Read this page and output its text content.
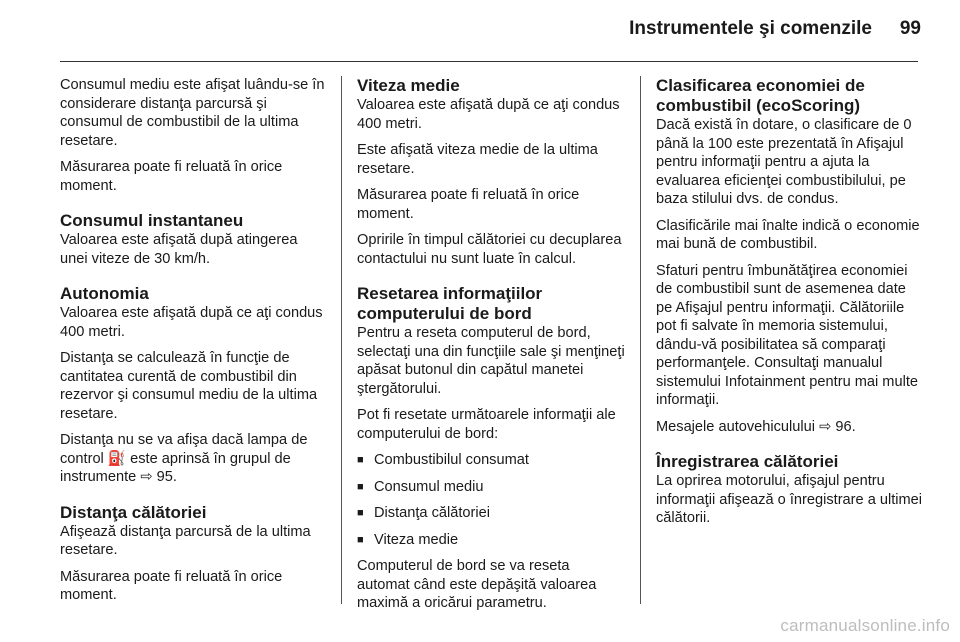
Instrumentele şi comenzile 99

Consumul mediu este afişat luându-se în considerare distanţa parcursă şi consumul de combustibil de la ultima resetare.

Măsurarea poate fi reluată în orice moment.

Consumul instantaneu

Valoarea este afişată după atingerea unei viteze de 30 km/h.

Autonomia

Valoarea este afişată după ce aţi condus 400 metri.

Distanţa se calculează în funcţie de cantitatea curentă de combustibil din rezervor şi consumul mediu de la ultima resetare.

Distanţa nu se va afişa dacă lampa de control ⛽ este aprinsă în grupul de instrumente ⇨ 95.

Distanţa călătoriei

Afişează distanţa parcursă de la ultima resetare.

Măsurarea poate fi reluată în orice moment.

Viteza medie

Valoarea este afişată după ce aţi condus 400 metri.

Este afişată viteza medie de la ultima resetare.

Măsurarea poate fi reluată în orice moment.

Opririle în timpul călătoriei cu decuplarea contactului nu sunt luate în calcul.

Resetarea informaţiilor computerului de bord

Pentru a reseta computerul de bord, selectaţi una din funcţiile sale şi menţineţi apăsat butonul din capătul manetei ştergătorului.

Pot fi resetate următoarele informaţii ale computerului de bord:

■ Combustibilul consumat
■ Consumul mediu
■ Distanţa călătoriei
■ Viteza medie

Computerul de bord se va reseta automat când este depăşită valoarea maximă a oricărui parametru.

Clasificarea economiei de combustibil (ecoScoring)

Dacă există în dotare, o clasificare de 0 până la 100 este prezentată în Afişajul pentru informaţii pentru a ajuta la evaluarea eficienţei combustibilului, pe baza stilului dvs. de condus.

Clasificările mai înalte indică o economie mai bună de combustibil.

Sfaturi pentru îmbunătăţirea economiei de combustibil sunt de asemenea date pe Afişajul pentru informaţii. Călătoriile pot fi salvate în memoria sistemului, dându-vă posibilitatea să comparaţi performanţele. Consultaţi manualul sistemului Infotainment pentru mai multe informaţii.

Mesajele autovehiculului ⇨ 96.

Înregistrarea călătoriei

La oprirea motorului, afişajul pentru informaţii afişează o înregistrare a ultimei călătorii.

carmanualsonline.info
